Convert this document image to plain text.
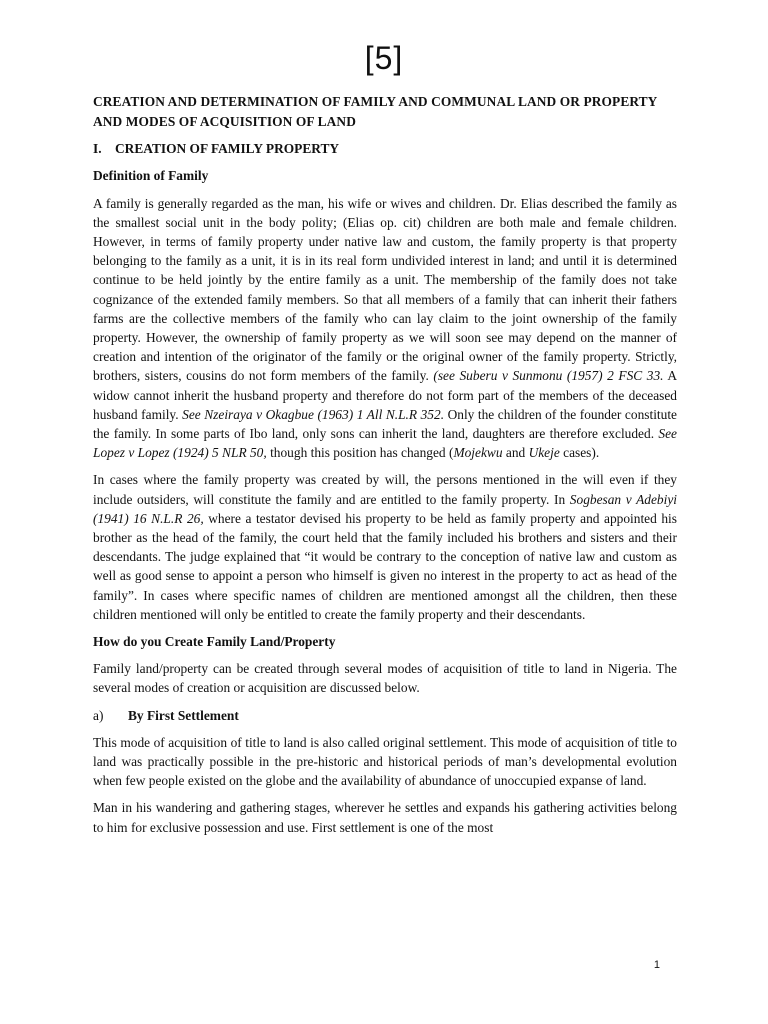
[5]
CREATION AND DETERMINATION OF FAMILY AND COMMUNAL LAND OR PROPERTY AND MODES OF ACQUISITION OF LAND
I. CREATION OF FAMILY PROPERTY
Definition of Family

A family is generally regarded as the man, his wife or wives and children. Dr. Elias described the family as the smallest social unit in the body polity; (Elias op. cit) children are both male and female children. However, in terms of family property under native law and custom, the family property is that property belonging to the family as a unit, it is in its real form undivided interest in land; and until it is determined continue to be held jointly by the entire family as a unit. The membership of the family does not take cognizance of the extended family members. So that all members of a family that can inherit their fathers farms are the collective members of the family who can lay claim to the joint ownership of the family property. However, the ownership of family property as we will soon see may depend on the manner of creation and intention of the originator of the family or the original owner of the family property. Strictly, brothers, sisters, cousins do not form members of the family. (see Suberu v Sunmonu (1957) 2 FSC 33. A widow cannot inherit the husband property and therefore do not form part of the members of the deceased husband family. See Nzeiraya v Okagbue (1963) 1 All N.L.R 352. Only the children of the founder constitute the family. In some parts of Ibo land, only sons can inherit the land, daughters are therefore excluded. See Lopez v Lopez (1924) 5 NLR 50, though this position has changed (Mojekwu and Ukeje cases).

In cases where the family property was created by will, the persons mentioned in the will even if they include outsiders, will constitute the family and are entitled to the family property. In Sogbesan v Adebiyi (1941) 16 N.L.R 26, where a testator devised his property to be held as family property and appointed his brother as the head of the family, the court held that the family included his brothers and sisters and their descendants. The judge explained that “it would be contrary to the conception of native law and custom as well as good sense to appoint a person who himself is given no interest in the property to act as head of the family”. In cases where specific names of children are mentioned amongst all the children, then these children mentioned will only be entitled to create the family property and their descendants.

How do you Create Family Land/Property

Family land/property can be created through several modes of acquisition of title to land in Nigeria. The several modes of creation or acquisition are discussed below.

a) By First Settlement

This mode of acquisition of title to land is also called original settlement. This mode of acquisition of title to land was practically possible in the pre-historic and historical periods of man’s developmental evolution when few people existed on the globe and the availability of abundance of unoccupied expanse of land.

Man in his wandering and gathering stages, wherever he settles and expands his gathering activities belong to him for exclusive possession and use. First settlement is one of the most

1
